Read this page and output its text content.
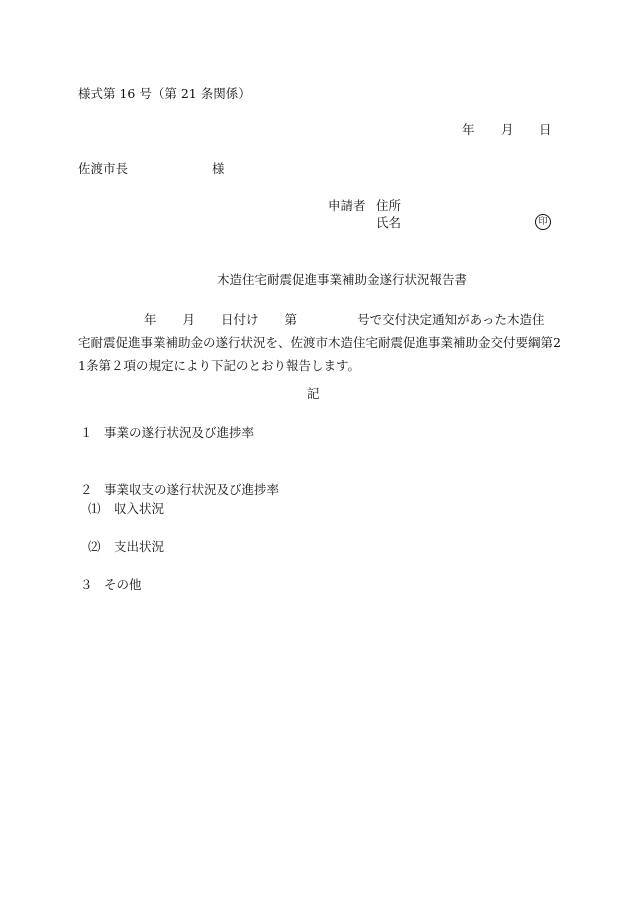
様式第 16 号（第 21 条関係）
年 月 日
佐渡市長	様
申請者 住所
氏名	印
木造住宅耐震促進事業補助金遂行状況報告書
年 月 日付け 第	号で交付決定通知があった木造住
宅耐震促進事業補助金の遂行状況を、佐渡市木造住宅耐震促進事業補助金交付要綱第2
1条第２項の規定により下記のとおり報告します。
記
１ 事業の遂行状況及び進捗率
２ 事業収支の遂行状況及び進捗率
⑴ 収入状況
⑵ 支出状況
３ その他
